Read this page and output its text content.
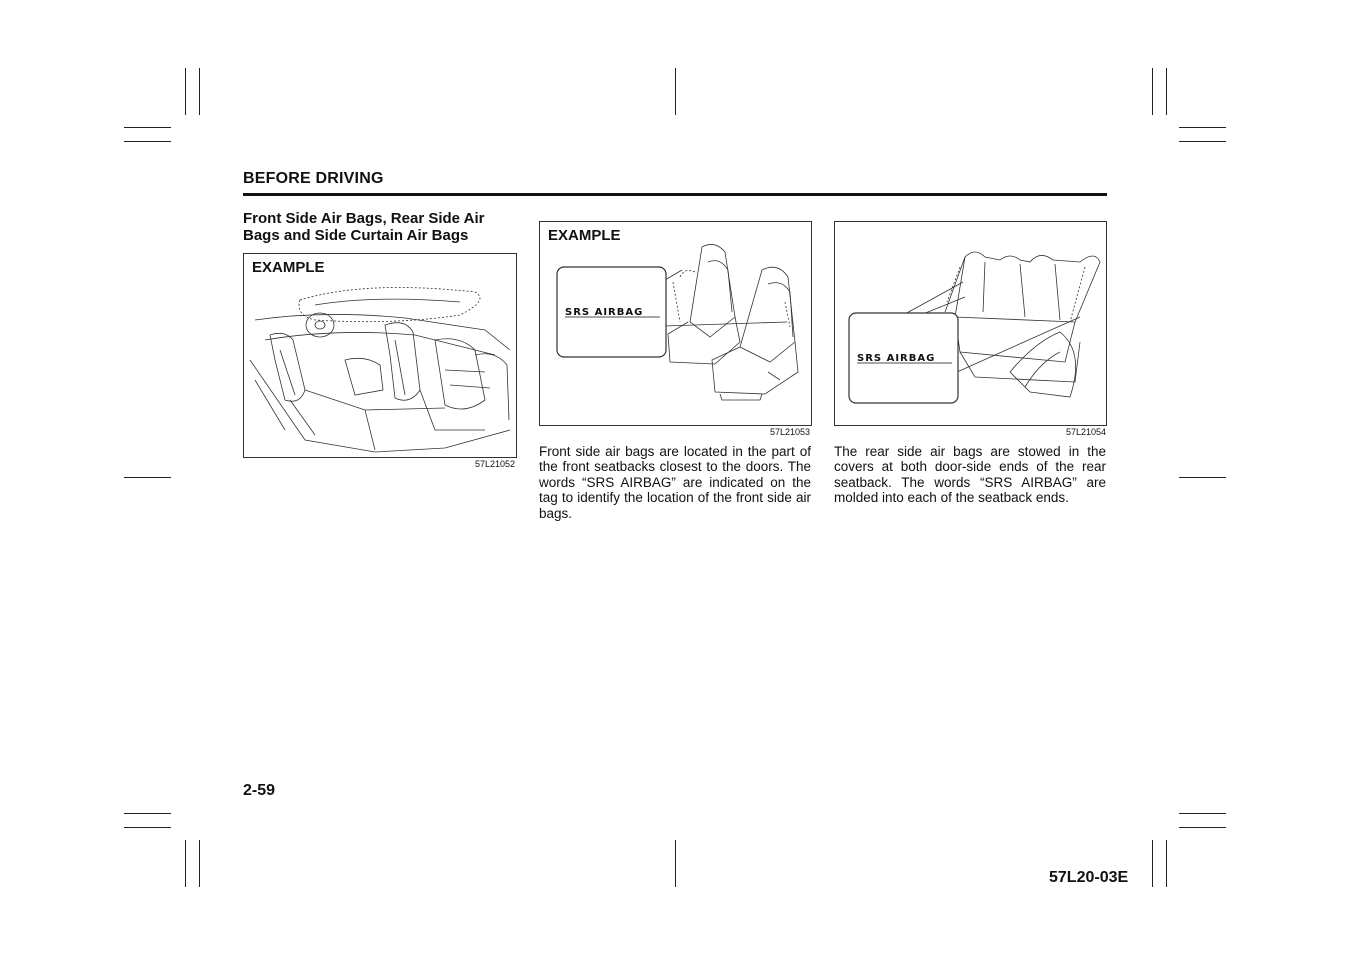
BEFORE DRIVING
Front Side Air Bags, Rear Side Air Bags and Side Curtain Air Bags
EXAMPLE
57L21052
EXAMPLE
SRS AIRBAG
57L21053
Front side air bags are located in the part of the front seatbacks closest to the doors. The words “SRS AIRBAG” are indicated on the tag to identify the location of the front side air bags.
SRS AIRBAG
57L21054
The rear side air bags are stowed in the covers at both door-side ends of the rear seatback. The words “SRS AIRBAG” are molded into each of the seatback ends.
2-59
57L20-03E
